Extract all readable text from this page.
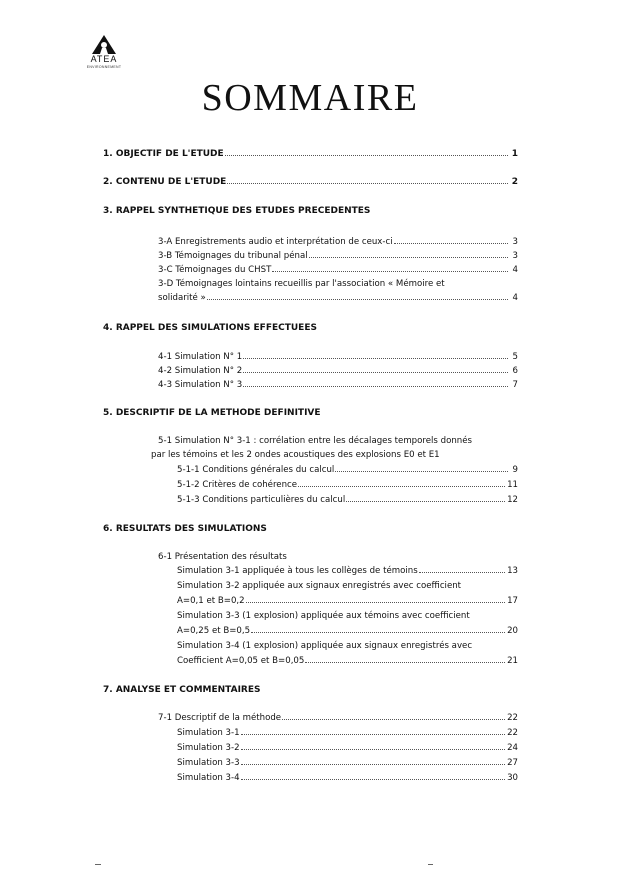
ATEA
ENVIRONNEMENT
SOMMAIRE
1. OBJECTIF DE L'ETUDE	1
2. CONTENU DE L'ETUDE	2
3. RAPPEL SYNTHETIQUE DES ETUDES PRECEDENTES
3-A Enregistrements audio et interprétation de ceux-ci	3
3-B Témoignages du tribunal pénal	3
3-C Témoignages du CHST	4
3-D Témoignages lointains recueillis par l'association « Mémoire et
solidarité »	4
4. RAPPEL DES SIMULATIONS EFFECTUEES
4-1 Simulation N° 1	5
4-2 Simulation N° 2	6
4-3 Simulation N° 3	7
5. DESCRIPTIF DE LA METHODE DEFINITIVE
5-1 Simulation N° 3-1 : corrélation entre les décalages temporels donnés
par les témoins et les 2 ondes acoustiques des explosions E0 et E1
5-1-1 Conditions générales du calcul	9
5-1-2 Critères de cohérence	11
5-1-3 Conditions particulières du calcul	12
6. RESULTATS DES SIMULATIONS
6-1 Présentation des résultats
Simulation 3-1 appliquée à tous les collèges de témoins	13
Simulation 3-2 appliquée aux signaux enregistrés avec coefficient
A=0,1 et B=0,2	17
Simulation 3-3 (1 explosion) appliquée aux témoins avec coefficient
A=0,25 et B=0,5	20
Simulation 3-4 (1 explosion) appliquée aux signaux enregistrés avec
Coefficient A=0,05 et B=0,05	21
7. ANALYSE ET COMMENTAIRES
7-1 Descriptif de la méthode	22
Simulation 3-1	22
Simulation 3-2	24
Simulation 3-3	27
Simulation 3-4	30
